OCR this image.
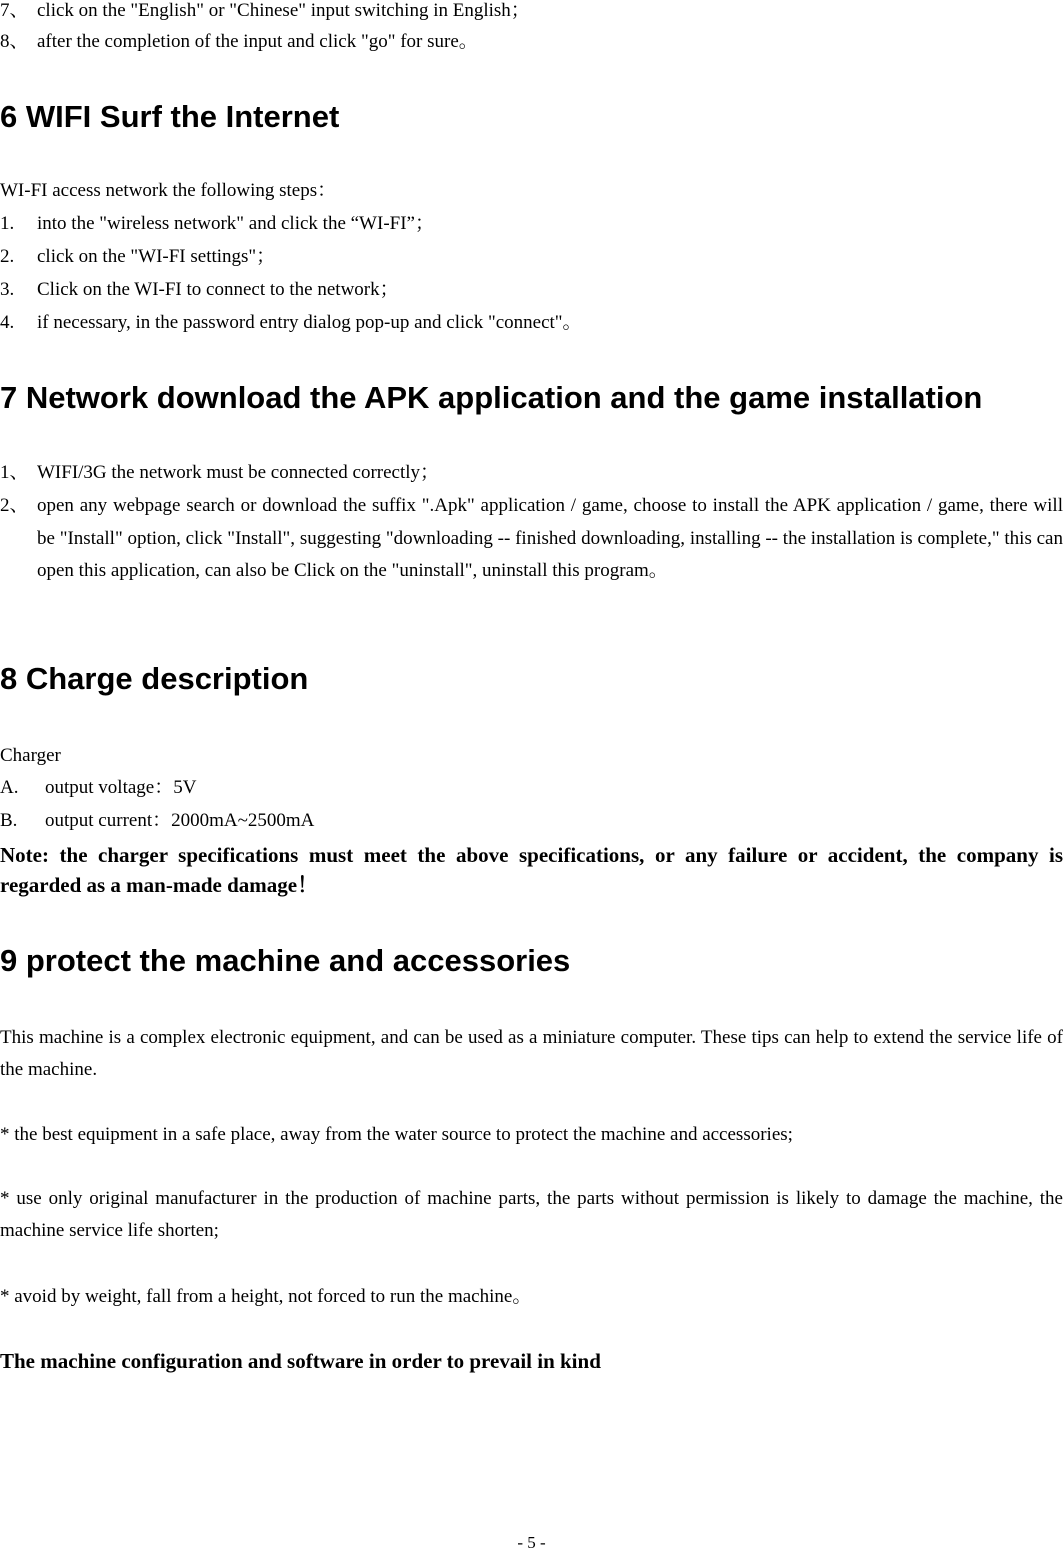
7、 click on the "English" or "Chinese" input switching in English；
8、 after the completion of the input and click "go" for sure。
6 WIFI Surf the Internet
WI-FI access network the following steps：
1. into the "wireless network" and click the “WI-FI”；
2. click on the "WI-FI settings"；
3. Click on the WI-FI to connect to the network；
4. if necessary, in the password entry dialog pop-up and click "connect"。
7 Network download the APK application and the game installation
1、 WIFI/3G the network must be connected correctly；
2、 open any webpage search or download the suffix ".Apk" application / game, choose to install the APK application / game, there will be "Install" option, click "Install", suggesting "downloading -- finished downloading, installing -- the installation is complete," this can open this application, can also be Click on the "uninstall", uninstall this program。
8 Charge description
Charger
A. output voltage：5V
B. output current：2000mA~2500mA
Note: the charger specifications must meet the above specifications, or any failure or accident, the company is regarded as a man-made damage！
9 protect the machine and accessories
This machine is a complex electronic equipment, and can be used as a miniature computer. These tips can help to extend the service life of the machine.
* the best equipment in a safe place, away from the water source to protect the machine and accessories;
* use only original manufacturer in the production of machine parts, the parts without permission is likely to damage the machine, the machine service life shorten;
* avoid by weight, fall from a height, not forced to run the machine。
The machine configuration and software in order to prevail in kind
- 5 -
